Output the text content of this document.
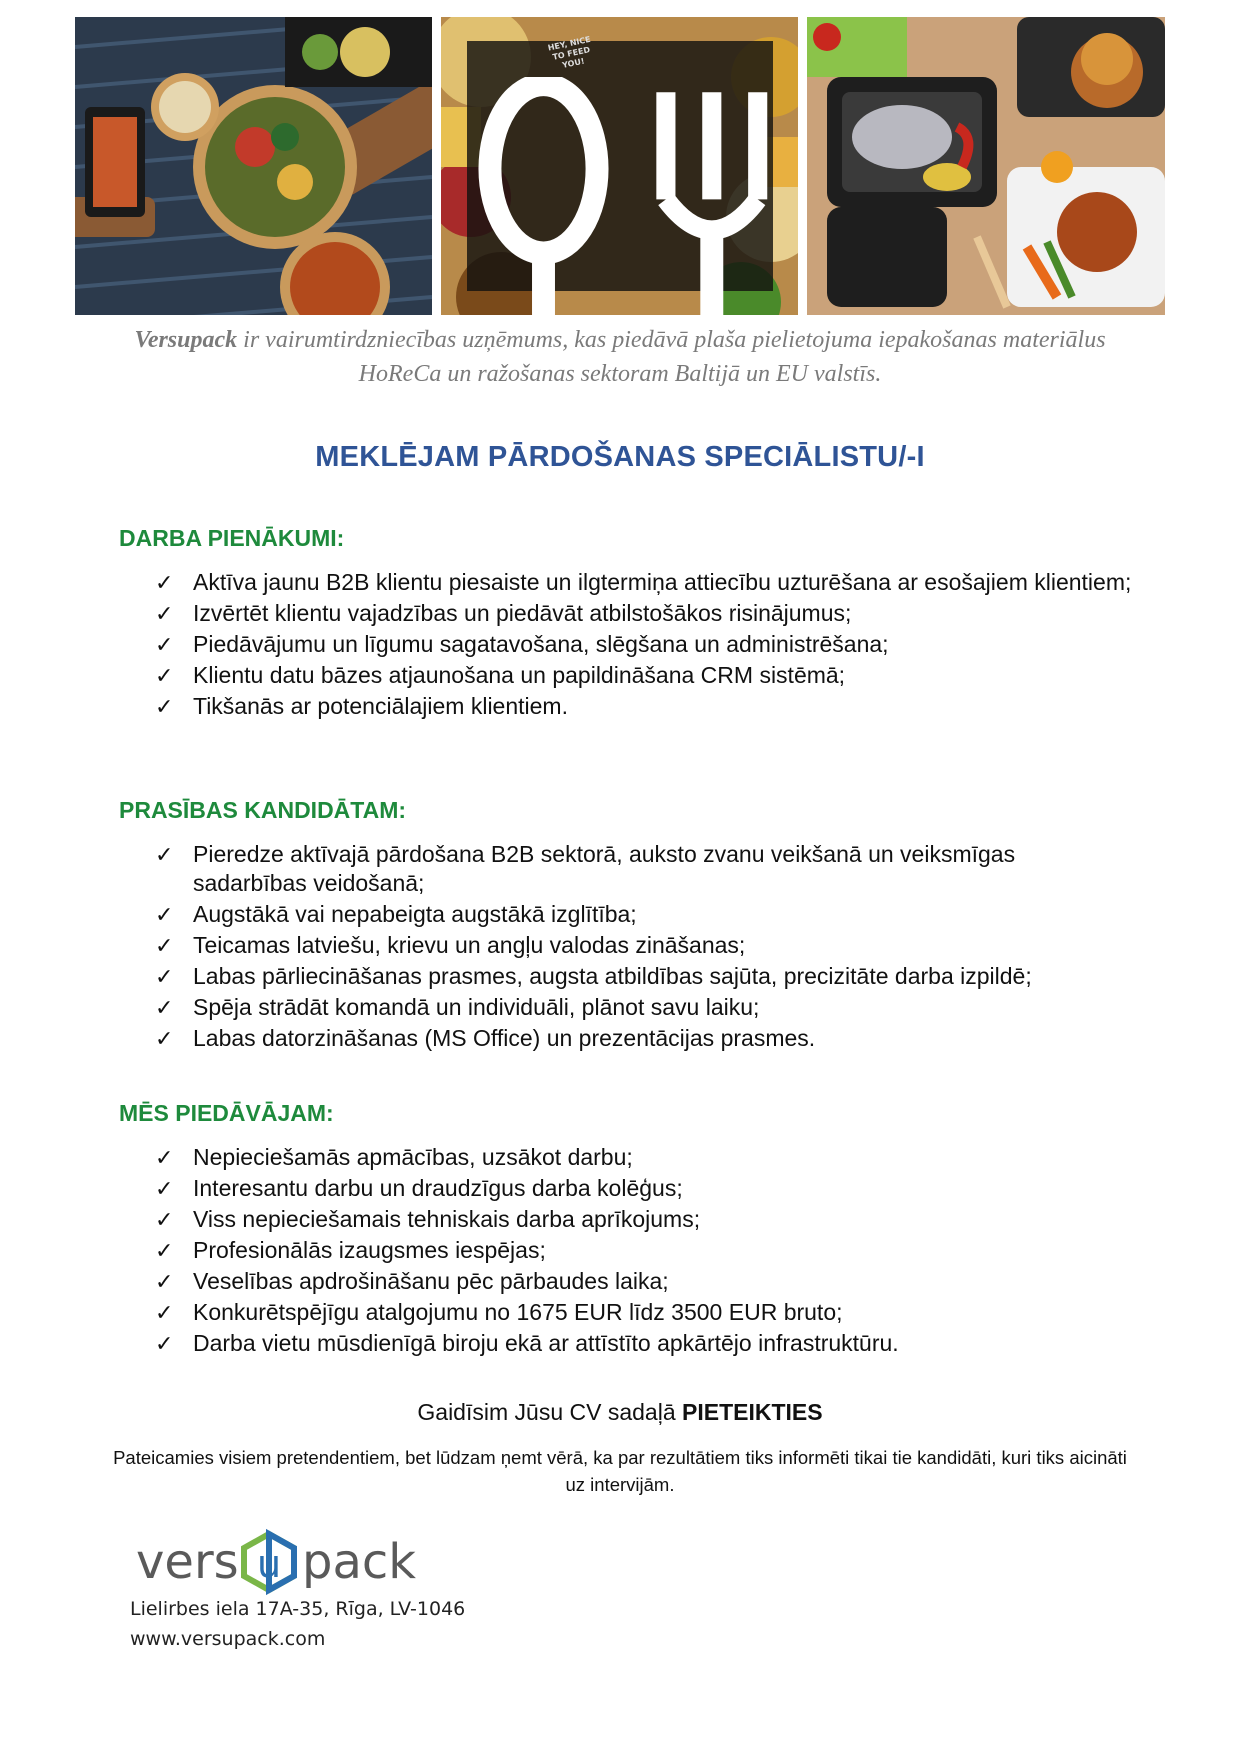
HEY, NICE TO FEED YOU!
Versupack ir vairumtirdzniecības uzņēmums, kas piedāvā plaša pielietojuma iepakošanas materiālus HoReCa un ražošanas sektoram Baltijā un EU valstīs.
MEKLĒJAM PĀRDOŠANAS SPECIĀLISTU/-I
DARBA PIENĀKUMI:
✓ Aktīva jaunu B2B klientu piesaiste un ilgtermiņa attiecību uzturēšana ar esošajiem klientiem;
✓ Izvērtēt klientu vajadzības un piedāvāt atbilstošākos risinājumus;
✓ Piedāvājumu un līgumu sagatavošana, slēgšana un administrēšana;
✓ Klientu datu bāzes atjaunošana un papildināšana CRM sistēmā;
✓ Tikšanās ar potenciālajiem klientiem.
PRASĪBAS KANDIDĀTAM:
✓ Pieredze aktīvajā pārdošana B2B sektorā, auksto zvanu veikšanā un veiksmīgas sadarbības veidošanā;
✓ Augstākā vai nepabeigta augstākā izglītība;
✓ Teicamas latviešu, krievu un angļu valodas zināšanas;
✓ Labas pārliecināšanas prasmes, augsta atbildības sajūta, precizitāte darba izpildē;
✓ Spēja strādāt komandā un individuāli, plānot savu laiku;
✓ Labas datorzināšanas (MS Office) un prezentācijas prasmes.
MĒS PIEDĀVĀJAM:
✓ Nepieciešamās apmācības, uzsākot darbu;
✓ Interesantu darbu un draudzīgus darba kolēģus;
✓ Viss nepieciešamais tehniskais darba aprīkojums;
✓ Profesionālās izaugsmes iespējas;
✓ Veselības apdrošināšanu pēc pārbaudes laika;
✓ Konkurētspējīgu atalgojumu no 1675 EUR līdz 3500 EUR bruto;
✓ Darba vietu mūsdienīgā biroju ekā ar attīstīto apkārtējo infrastruktūru.
Gaidīsim Jūsu CV sadaļā PIETEIKTIES
Pateicamies visiem pretendentiem, bet lūdzam ņemt vērā, ka par rezultātiem tiks informēti tikai tie kandidāti, kuri tiks aicināti uz intervijām.
vers u pack
Lielirbes iela 17A-35, Rīga, LV-1046
www.versupack.com
